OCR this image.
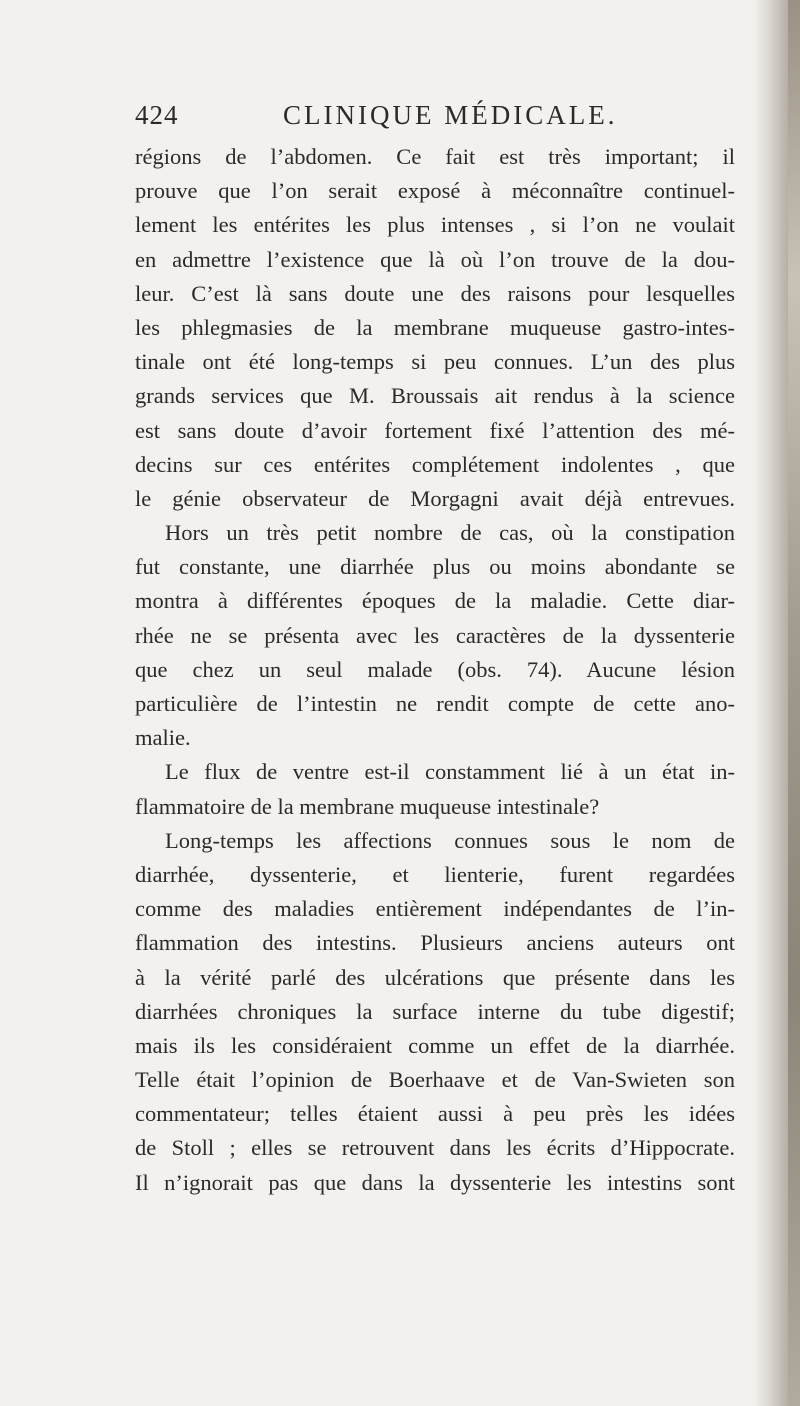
424	CLINIQUE MÉDICALE.
régions de l’abdomen. Ce fait est très important; il
prouve que l’on serait exposé à méconnaître continuel-
lement les entérites les plus intenses , si l’on ne voulait
en admettre l’existence que là où l’on trouve de la dou-
leur. C’est là sans doute une des raisons pour lesquelles
les phlegmasies de la membrane muqueuse gastro-intes-
tinale ont été long-temps si peu connues. L’un des plus
grands services que M. Broussais ait rendus à la science
est sans doute d’avoir fortement fixé l’attention des mé-
decins sur ces entérites complétement indolentes , que
le génie observateur de Morgagni avait déjà entrevues.
Hors un très petit nombre de cas, où la constipation
fut constante, une diarrhée plus ou moins abondante se
montra à différentes époques de la maladie. Cette diar-
rhée ne se présenta avec les caractères de la dyssenterie
que chez un seul malade (obs. 74). Aucune lésion
particulière de l’intestin ne rendit compte de cette ano-
malie.
Le flux de ventre est-il constamment lié à un état in-
flammatoire de la membrane muqueuse intestinale?
Long-temps les affections connues sous le nom de
diarrhée, dyssenterie, et lienterie, furent regardées
comme des maladies entièrement indépendantes de l’in-
flammation des intestins. Plusieurs anciens auteurs ont
à la vérité parlé des ulcérations que présente dans les
diarrhées chroniques la surface interne du tube digestif;
mais ils les considéraient comme un effet de la diarrhée.
Telle était l’opinion de Boerhaave et de Van-Swieten son
commentateur; telles étaient aussi à peu près les idées
de Stoll ; elles se retrouvent dans les écrits d’Hippocrate.
Il n’ignorait pas que dans la dyssenterie les intestins sont
